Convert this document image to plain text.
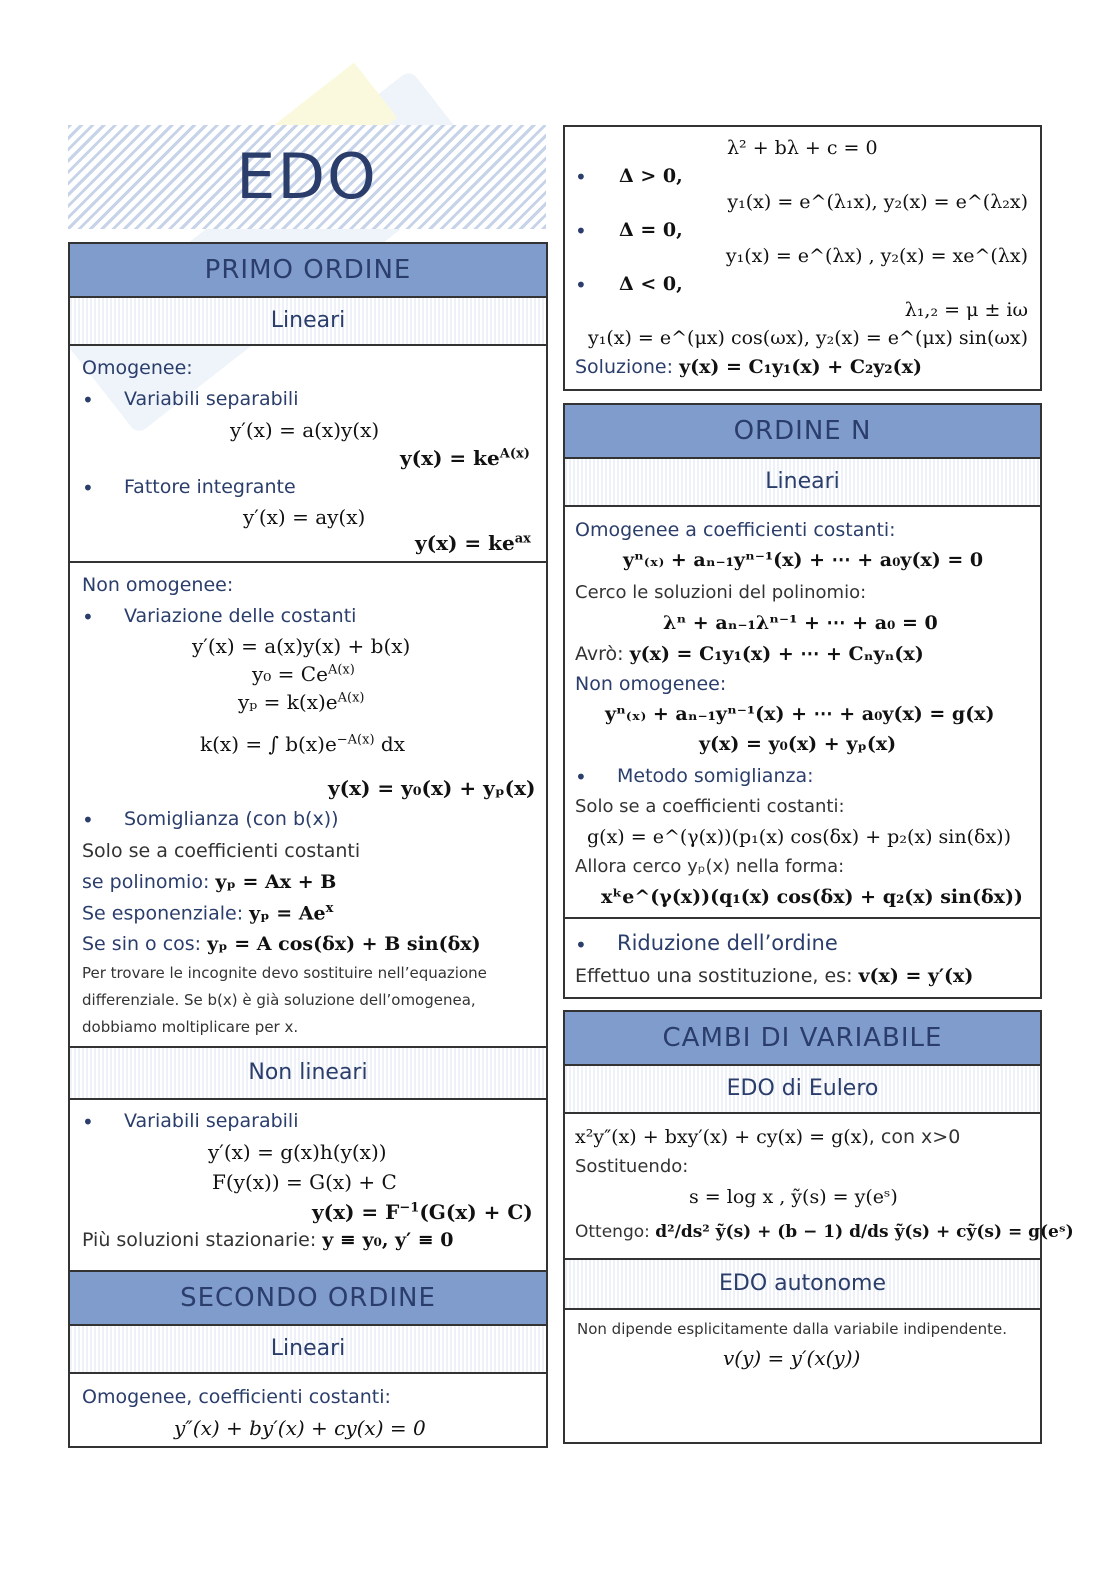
EDO
PRIMO ORDINE
Lineari
Omogenee:
• Variabili separabili
y′(x) = a(x)y(x)
$y(x) = ke^{A(x)}$
• Fattore integrante
y′(x) = ay(x)
$y(x) = ke^{ax}$
Non omogenee:
• Variazione delle costanti
y′(x) = a(x)y(x) + b(x)
$y_0 = Ce^{A(x)}$
$y_p = k(x)e^{A(x)}$
k(x) = ∫ $b(x)e^{-A(x)}$ dx
y(x) = y₀(x) + yₚ(x)
• Somiglianza (con b(x))
Solo se a coefficienti costanti
se polinomio: yₚ = Ax + B
Se esponenziale: $y_p = Ae^x$
Se sin o cos: yₚ = A cos(δx) + B sin(δx)
Per trovare le incognite devo sostituire nell’equazione
differenziale. Se b(x) è già soluzione dell’omogenea,
dobbiamo moltiplicare per x.
Non lineari
• Variabili separabili
y′(x) = g(x)h(y(x))
F(y(x)) = G(x) + C
$y(x) = F^{-1}(G(x) + C)$
Più soluzioni stazionarie: y ≡ y₀, y′ ≡ 0
SECONDO ORDINE
Lineari
Omogenee, coefficienti costanti:
y″(x) + by′(x) + cy(x) = 0
λ² + bλ + c = 0
• Δ > 0,
y₁(x) = e^(λ₁x), y₂(x) = e^(λ₂x)
• Δ = 0,
y₁(x) = e^(λx) , y₂(x) = xe^(λx)
• Δ < 0,
λ₁,₂ = μ ± iω
y₁(x) = e^(μx) cos(ωx), y₂(x) = e^(μx) sin(ωx)
Soluzione: y(x) = C₁y₁(x) + C₂y₂(x)
ORDINE N
Lineari
Omogenee a coefficienti costanti:
yⁿ₍ₓ₎ + aₙ₋₁yⁿ⁻¹(x) + ⋯ + a₀y(x) = 0
Cerco le soluzioni del polinomio:
λⁿ + aₙ₋₁λⁿ⁻¹ + ⋯ + a₀ = 0
Avrò: y(x) = C₁y₁(x) + ⋯ + Cₙyₙ(x)
Non omogenee:
yⁿ₍ₓ₎ + aₙ₋₁yⁿ⁻¹(x) + ⋯ + a₀y(x) = g(x)
y(x) = y₀(x) + yₚ(x)
• Metodo somiglianza:
Solo se a coefficienti costanti:
g(x) = e^(γ(x))(p₁(x) cos(δx) + p₂(x) sin(δx))
Allora cerco yₚ(x) nella forma:
xᵏe^(γ(x))(q₁(x) cos(δx) + q₂(x) sin(δx))
• Riduzione dell’ordine
Effettuo una sostituzione, es: v(x) = y′(x)
CAMBI DI VARIABILE
EDO di Eulero
x²y″(x) + bxy′(x) + cy(x) = g(x), con x>0
Sostituendo:
s = log x , ỹ(s) = y(eˢ)
Ottengo: d²/ds² ỹ(s) + (b − 1) d/ds ỹ(s) + cỹ(s) = g(eˢ)
EDO autonome
Non dipende esplicitamente dalla variabile indipendente.
v(y) = y′(x(y))
